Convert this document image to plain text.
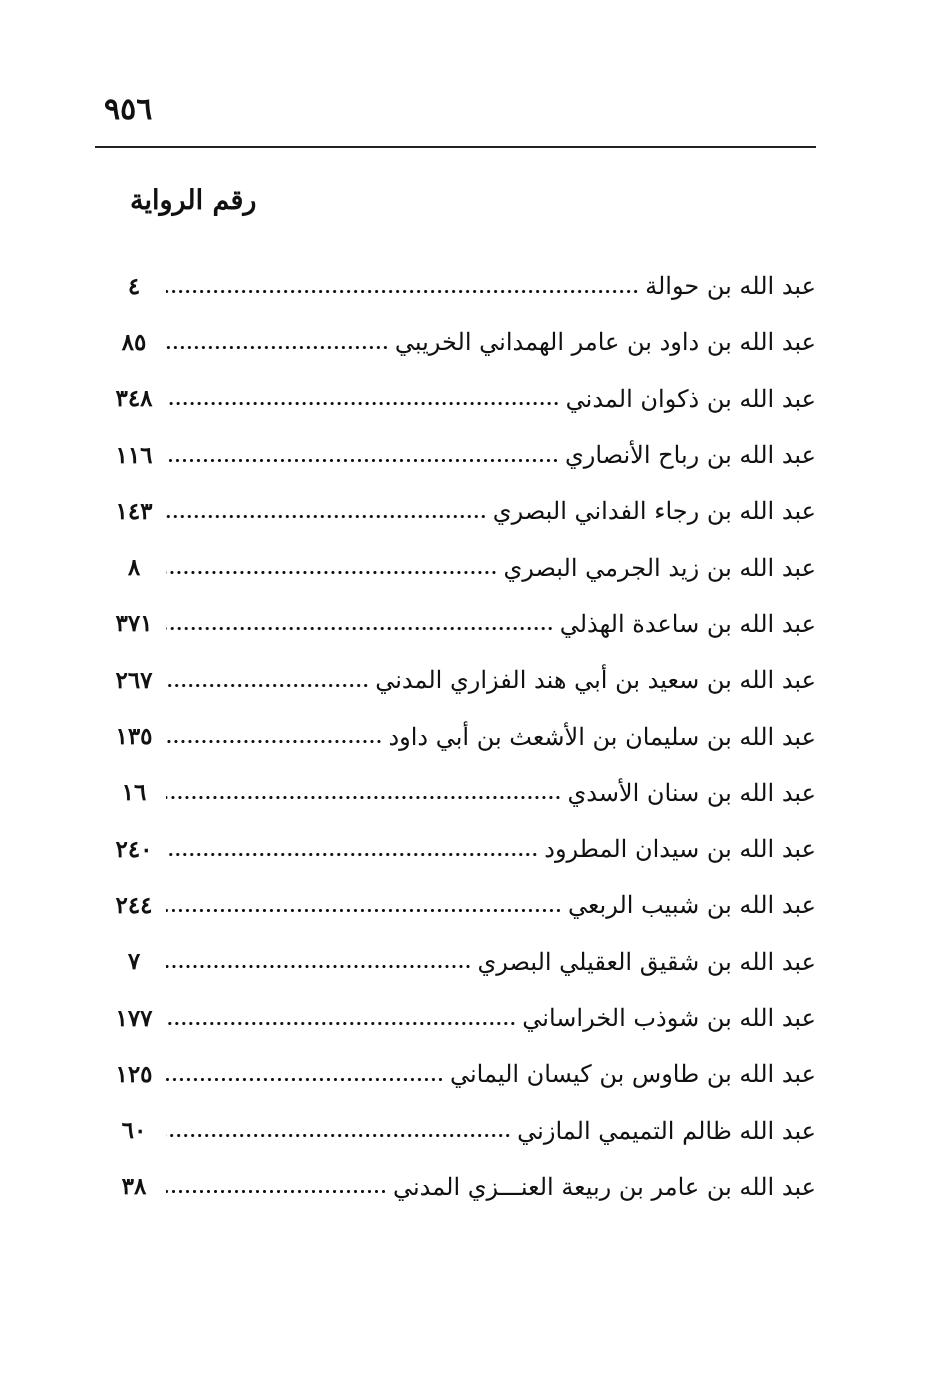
٩٥٦
رقم الرواية
عبد الله بن حوالة
٤
عبد الله بن داود بن عامر الهمداني الخريبي
٨٥
عبد الله بن ذكوان المدني
٣٤٨
عبد الله بن رباح الأنصاري
١١٦
عبد الله بن رجاء الفداني البصري
١٤٣
عبد الله بن زيد الجرمي البصري
٨
عبد الله بن ساعدة الهذلي
٣٧١
عبد الله بن سعيد بن أبي هند الفزاري المدني
٢٦٧
عبد الله بن سليمان بن الأشعث بن أبي داود
١٣٥
عبد الله بن سنان الأسدي
١٦
عبد الله بن سيدان المطرود
٢٤٠
عبد الله بن شبيب الربعي
٢٤٤
عبد الله بن شقيق العقيلي البصري
٧
عبد الله بن شوذب الخراساني
١٧٧
عبد الله بن طاوس بن كيسان اليماني
١٢٥
عبد الله ظالم التميمي المازني
٦٠
عبد الله بن عامر بن ربيعة العنـــزي المدني
٣٨
